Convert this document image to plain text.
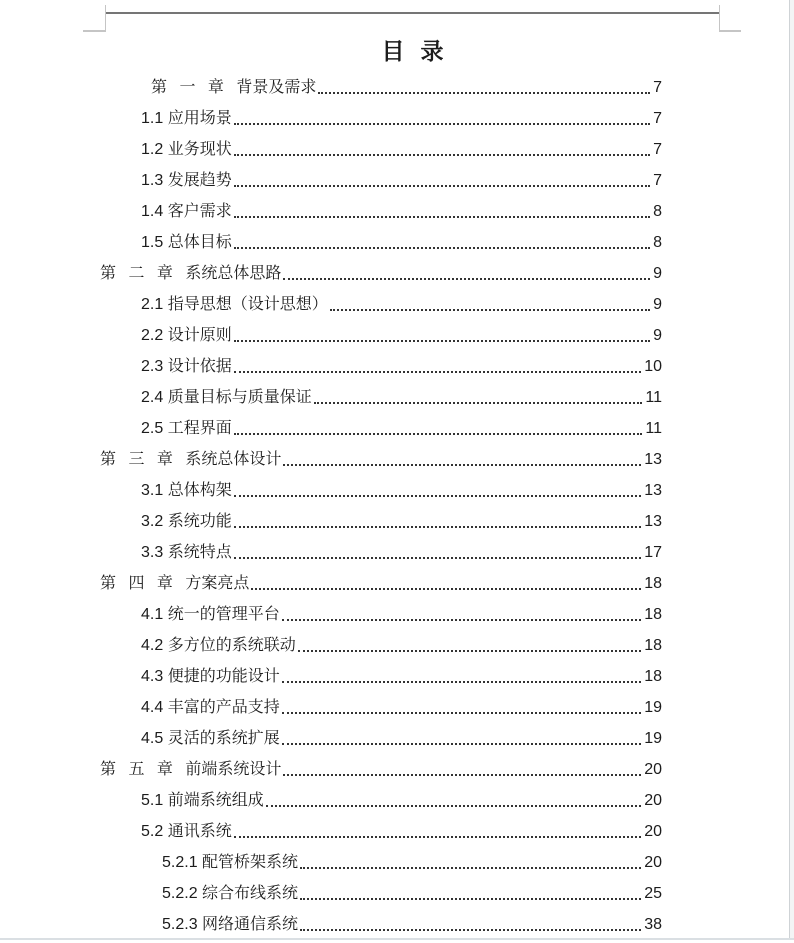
目录
第 一 章 背景及需求	7
1.1 应用场景	7
1.2 业务现状	7
1.3 发展趋势	7
1.4 客户需求	8
1.5 总体目标	8
第 二 章 系统总体思路	9
2.1 指导思想（设计思想）	9
2.2 设计原则	9
2.3 设计依据	10
2.4 质量目标与质量保证	11
2.5 工程界面	11
第 三 章 系统总体设计	13
3.1 总体构架	13
3.2 系统功能	13
3.3 系统特点	17
第 四 章 方案亮点	18
4.1 统一的管理平台	18
4.2 多方位的系统联动	18
4.3 便捷的功能设计	18
4.4 丰富的产品支持	19
4.5 灵活的系统扩展	19
第 五 章 前端系统设计	20
5.1 前端系统组成	20
5.2 通讯系统	20
5.2.1 配管桥架系统	20
5.2.2 综合布线系统	25
5.2.3 网络通信系统	38
